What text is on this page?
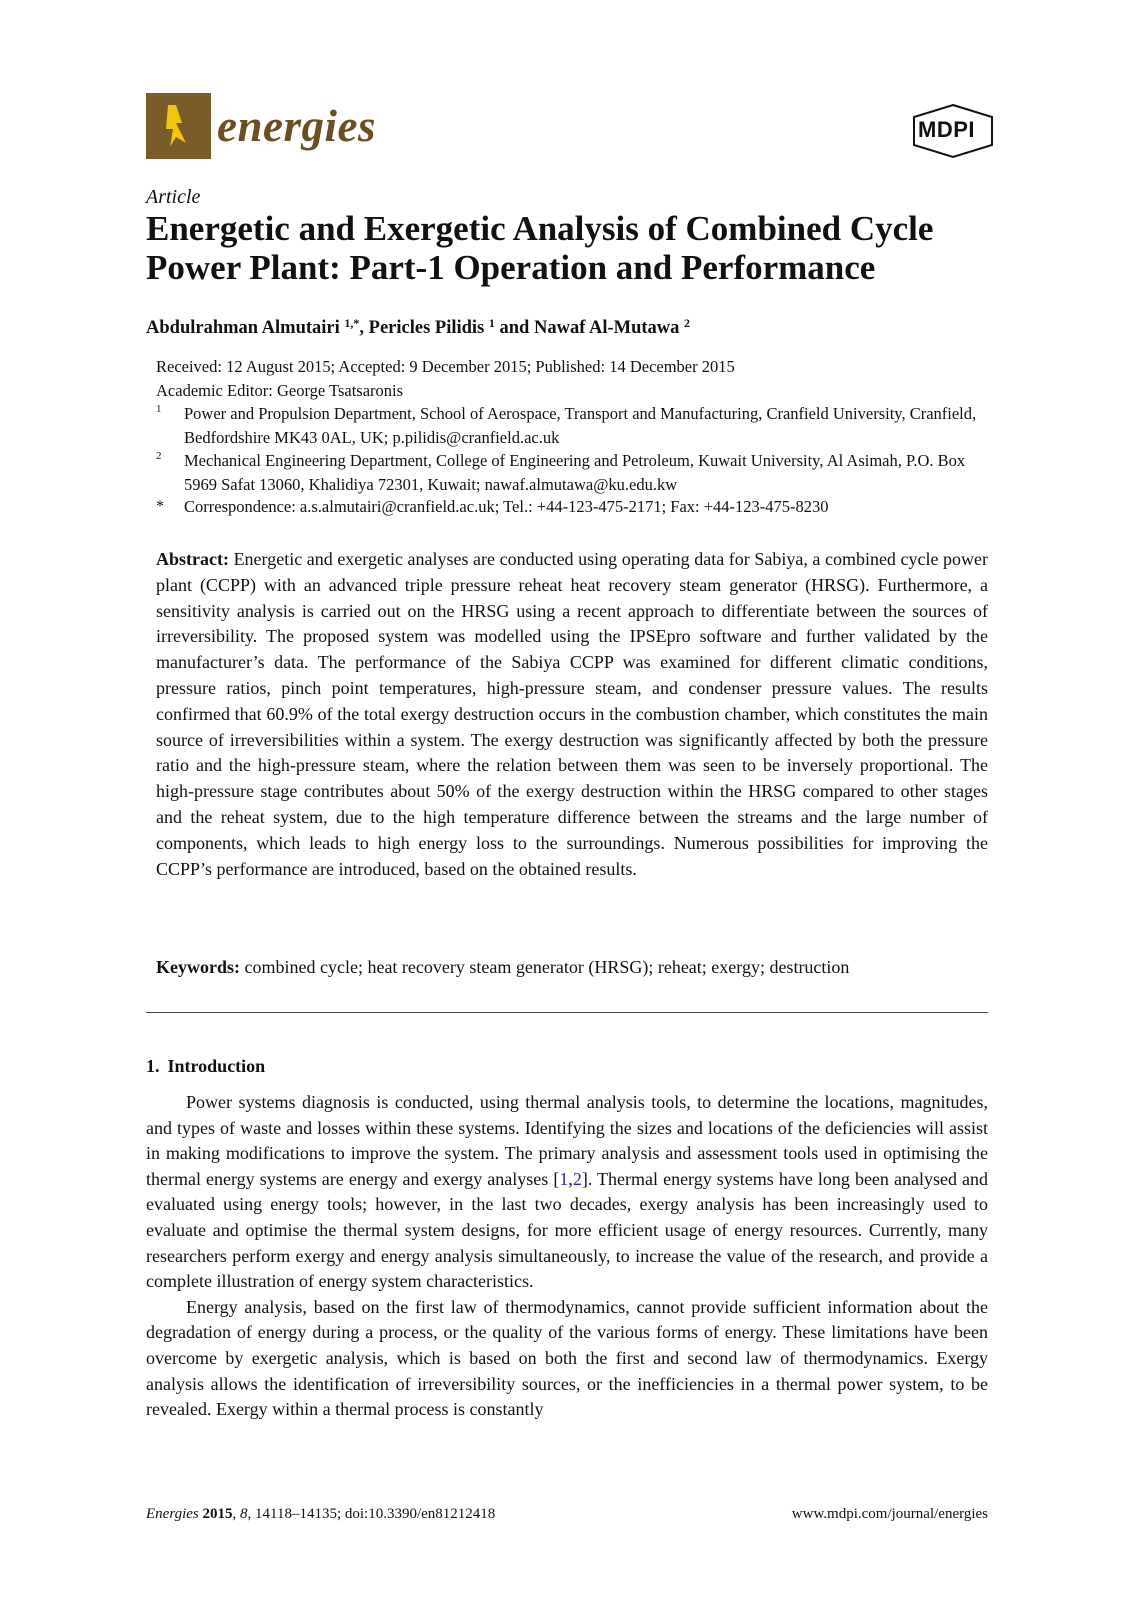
energies	MDPI
Article
Energetic and Exergetic Analysis of Combined Cycle Power Plant: Part-1 Operation and Performance
Abdulrahman Almutairi $^{1,*}$, Pericles Pilidis $^1$ and Nawaf Al-Mutawa $^2$
Received: 12 August 2015; Accepted: 9 December 2015; Published: 14 December 2015
Academic Editor: George Tsatsaronis
1 Power and Propulsion Department, School of Aerospace, Transport and Manufacturing, Cranfield University, Cranfield, Bedfordshire MK43 0AL, UK; p.pilidis@cranfield.ac.uk
2 Mechanical Engineering Department, College of Engineering and Petroleum, Kuwait University, Al Asimah, P.O. Box 5969 Safat 13060, Khalidiya 72301, Kuwait; nawaf.almutawa@ku.edu.kw
* Correspondence: a.s.almutairi@cranfield.ac.uk; Tel.: +44-123-475-2171; Fax: +44-123-475-8230
Abstract: Energetic and exergetic analyses are conducted using operating data for Sabiya, a combined cycle power plant (CCPP) with an advanced triple pressure reheat heat recovery steam generator (HRSG). Furthermore, a sensitivity analysis is carried out on the HRSG using a recent approach to differentiate between the sources of irreversibility. The proposed system was modelled using the IPSEpro software and further validated by the manufacturer’s data. The performance of the Sabiya CCPP was examined for different climatic conditions, pressure ratios, pinch point temperatures, high-pressure steam, and condenser pressure values. The results confirmed that 60.9% of the total exergy destruction occurs in the combustion chamber, which constitutes the main source of irreversibilities within a system. The exergy destruction was significantly affected by both the pressure ratio and the high-pressure steam, where the relation between them was seen to be inversely proportional. The high-pressure stage contributes about 50% of the exergy destruction within the HRSG compared to other stages and the reheat system, due to the high temperature difference between the streams and the large number of components, which leads to high energy loss to the surroundings. Numerous possibilities for improving the CCPP’s performance are introduced, based on the obtained results.
Keywords: combined cycle; heat recovery steam generator (HRSG); reheat; exergy; destruction
1. Introduction

Power systems diagnosis is conducted, using thermal analysis tools, to determine the locations, magnitudes, and types of waste and losses within these systems. Identifying the sizes and locations of the deficiencies will assist in making modifications to improve the system. The primary analysis and assessment tools used in optimising the thermal energy systems are energy and exergy analyses [1,2]. Thermal energy systems have long been analysed and evaluated using energy tools; however, in the last two decades, exergy analysis has been increasingly used to evaluate and optimise the thermal system designs, for more efficient usage of energy resources. Currently, many researchers perform exergy and energy analysis simultaneously, to increase the value of the research, and provide a complete illustration of energy system characteristics.

Energy analysis, based on the first law of thermodynamics, cannot provide sufficient information about the degradation of energy during a process, or the quality of the various forms of energy. These limitations have been overcome by exergetic analysis, which is based on both the first and second law of thermodynamics. Exergy analysis allows the identification of irreversibility sources, or the inefficiencies in a thermal power system, to be revealed. Exergy within a thermal process is constantly

Energies 2015, 8, 14118–14135; doi:10.3390/en81212418	www.mdpi.com/journal/energies
